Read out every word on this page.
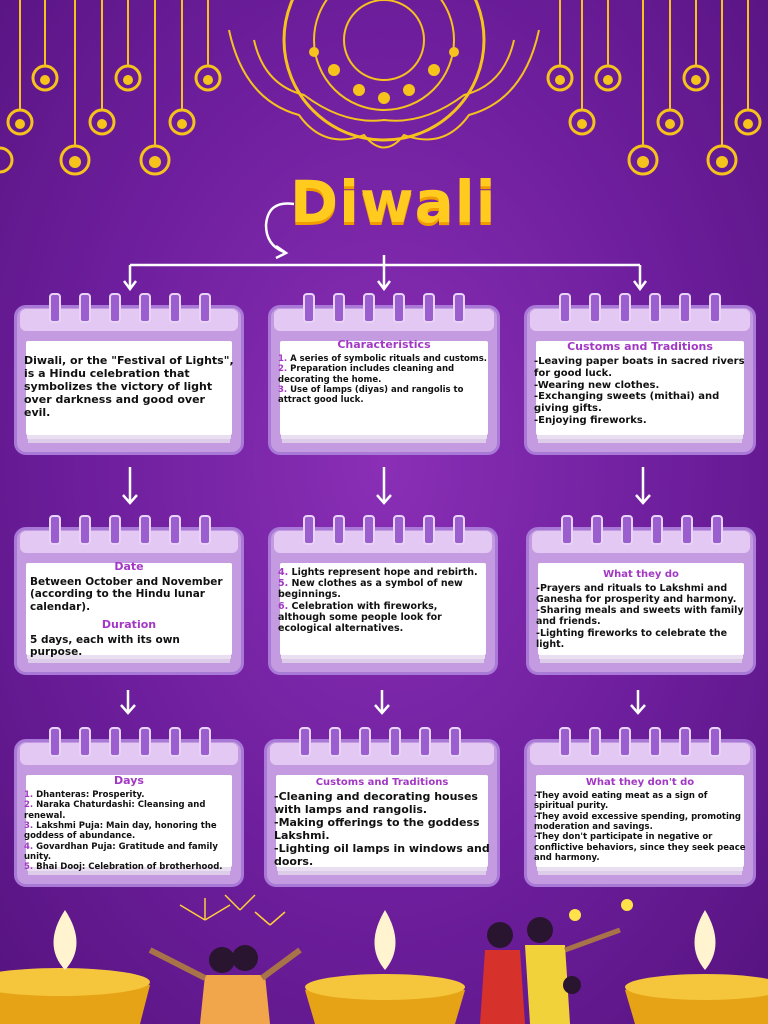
Diwali

Diwali, or the "Festival of Lights", is a Hindu celebration that symbolizes the victory of light over darkness and good over evil.

Characteristics

1. A series of symbolic rituals and customs.

2. Preparation includes cleaning and decorating the home.

3. Use of lamps (diyas) and rangolis to attract good luck.

Customs and Traditions

-Leaving paper boats in sacred rivers for good luck.

-Wearing new clothes.

-Exchanging sweets (mithai) and giving gifts.

-Enjoying fireworks.

Date

Between October and November (according to the Hindu lunar calendar).

Duration

5 days, each with its own purpose.

4. Lights represent hope and rebirth.

5. New clothes as a symbol of new beginnings.

6. Celebration with fireworks, although some people look for ecological alternatives.

What they do

-Prayers and rituals to Lakshmi and Ganesha for prosperity and harmony.

-Sharing meals and sweets with family and friends.

-Lighting fireworks to celebrate the light.

Days

1. Dhanteras: Prosperity.

2. Naraka Chaturdashi: Cleansing and renewal.

3. Lakshmi Puja: Main day, honoring the goddess of abundance.

4. Govardhan Puja: Gratitude and family unity.

5. Bhai Dooj: Celebration of brotherhood.

Customs and Traditions

-Cleaning and decorating houses with lamps and rangolis.

-Making offerings to the goddess Lakshmi.

-Lighting oil lamps in windows and doors.

What they don't do

-They avoid eating meat as a sign of spiritual purity.

-They avoid excessive spending, promoting moderation and savings.

-They don't participate in negative or conflictive behaviors, since they seek peace and harmony.
